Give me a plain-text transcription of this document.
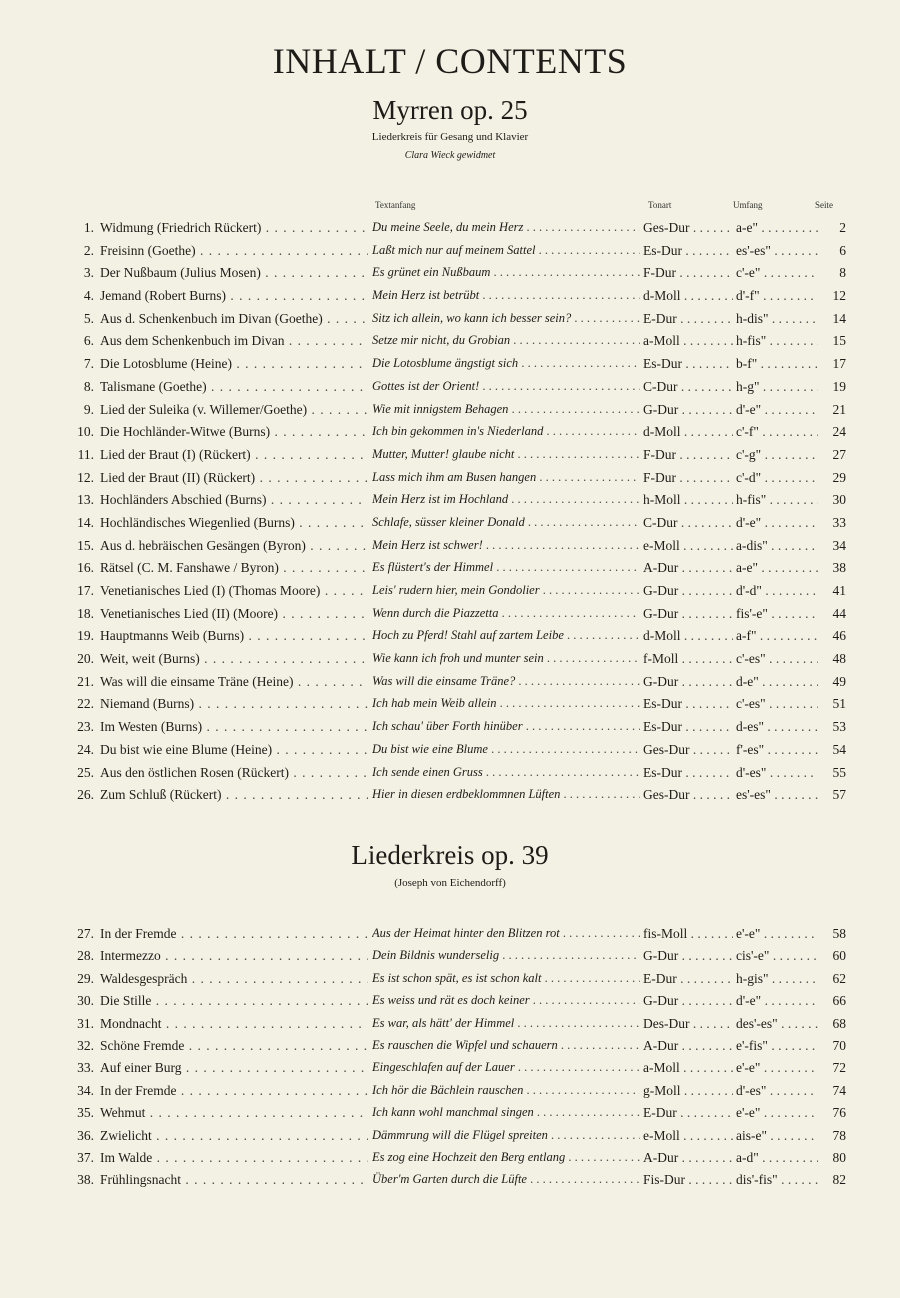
INHALT / CONTENTS
Myrren op. 25
Liederkreis für Gesang und Klavier
Clara Wieck gewidmet
Textanfang	Tonart	Umfang	Seite
1. Widmung (Friedrich Rückert) . . .	Du meine Seele, du mein Herz . . .	Ges-Dur . . .	a-e" . . .	2
2. Freisinn (Goethe) . . .	Laßt mich nur auf meinem Sattel . . .	Es-Dur . . .	es'-es" . . .	6
3. Der Nußbaum (Julius Mosen) . . .	Es grünet ein Nußbaum . . .	F-Dur . . .	c'-e" . . .	8
4. Jemand (Robert Burns) . . .	Mein Herz ist betrübt . . .	d-Moll . . .	d'-f" . . .	12
5. Aus d. Schenkenbuch im Divan (Goethe) . . .	Sitz ich allein, wo kann ich besser sein? . . .	E-Dur . . .	h-dis" . . .	14
6. Aus dem Schenkenbuch im Divan . . .	Setze mir nicht, du Grobian . . .	a-Moll . . .	h-fis" . . .	15
7. Die Lotosblume (Heine) . . .	Die Lotosblume ängstigt sich . . .	Es-Dur . . .	b-f" . . .	17
8. Talismane (Goethe) . . .	Gottes ist der Orient! . . .	C-Dur . . .	h-g" . . .	19
9. Lied der Suleika (v. Willemer/Goethe) . . .	Wie mit innigstem Behagen . . .	G-Dur . . .	d'-e" . . .	21
10. Die Hochländer-Witwe (Burns) . . .	Ich bin gekommen in's Niederland . . .	d-Moll . . .	c'-f" . . .	24
11. Lied der Braut (I) (Rückert) . . .	Mutter, Mutter! glaube nicht . . .	F-Dur . . .	c'-g" . . .	27
12. Lied der Braut (II) (Rückert) . . .	Lass mich ihm am Busen hangen . . .	F-Dur . . .	c'-d" . . .	29
13. Hochländers Abschied (Burns) . . .	Mein Herz ist im Hochland . . .	h-Moll . . .	h-fis" . . .	30
14. Hochländisches Wiegenlied (Burns) . . .	Schlafe, süsser kleiner Donald . . .	C-Dur . . .	d'-e" . . .	33
15. Aus d. hebräischen Gesängen (Byron) . . .	Mein Herz ist schwer! . . .	e-Moll . . .	a-dis" . . .	34
16. Rätsel (C. M. Fanshawe / Byron) . . .	Es flüstert's der Himmel . . .	A-Dur . . .	a-e" . . .	38
17. Venetianisches Lied (I) (Thomas Moore) . . .	Leis' rudern hier, mein Gondolier . . .	G-Dur . . .	d'-d" . . .	41
18. Venetianisches Lied (II) (Moore) . . .	Wenn durch die Piazzetta . . .	G-Dur . . .	fis'-e" . . .	44
19. Hauptmanns Weib (Burns) . . .	Hoch zu Pferd! Stahl auf zartem Leibe . . .	d-Moll . . .	a-f" . . .	46
20. Weit, weit (Burns) . . .	Wie kann ich froh und munter sein . . .	f-Moll . . .	c'-es" . . .	48
21. Was will die einsame Träne (Heine) . . .	Was will die einsame Träne? . . .	G-Dur . . .	d-e" . . .	49
22. Niemand (Burns) . . .	Ich hab mein Weib allein . . .	Es-Dur . . .	c'-es" . . .	51
23. Im Westen (Burns) . . .	Ich schau' über Forth hinüber . . .	Es-Dur . . .	d-es" . . .	53
24. Du bist wie eine Blume (Heine) . . .	Du bist wie eine Blume . . .	Ges-Dur . . .	f'-es" . . .	54
25. Aus den östlichen Rosen (Rückert) . . .	Ich sende einen Gruss . . .	Es-Dur . . .	d'-es" . . .	55
26. Zum Schluß (Rückert) . . .	Hier in diesen erdbeklommnen Lüften . . .	Ges-Dur . . .	es'-es" . . .	57
Liederkreis op. 39
(Joseph von Eichendorff)
27. In der Fremde . . .	Aus der Heimat hinter den Blitzen rot . . .	fis-Moll . . .	e'-e" . . .	58
28. Intermezzo . . .	Dein Bildnis wunderselig . . .	G-Dur . . .	cis'-e" . . .	60
29. Waldesgespräch . . .	Es ist schon spät, es ist schon kalt . . .	E-Dur . . .	h-gis" . . .	62
30. Die Stille . . .	Es weiss und rät es doch keiner . . .	G-Dur . . .	d'-e" . . .	66
31. Mondnacht . . .	Es war, als hätt' der Himmel . . .	Des-Dur . . .	des'-es" . . .	68
32. Schöne Fremde . . .	Es rauschen die Wipfel und schauern . . .	A-Dur . . .	e'-fis" . . .	70
33. Auf einer Burg . . .	Eingeschlafen auf der Lauer . . .	a-Moll . . .	e'-e" . . .	72
34. In der Fremde . . .	Ich hör die Bächlein rauschen . . .	g-Moll . . .	d'-es" . . .	74
35. Wehmut . . .	Ich kann wohl manchmal singen . . .	E-Dur . . .	e'-e" . . .	76
36. Zwielicht . . .	Dämmrung will die Flügel spreiten . . .	e-Moll . . .	ais-e" . . .	78
37. Im Walde . . .	Es zog eine Hochzeit den Berg entlang . . .	A-Dur . . .	a-d" . . .	80
38. Frühlingsnacht . . .	Über'm Garten durch die Lüfte . . .	Fis-Dur . . .	dis'-fis" . . .	82
